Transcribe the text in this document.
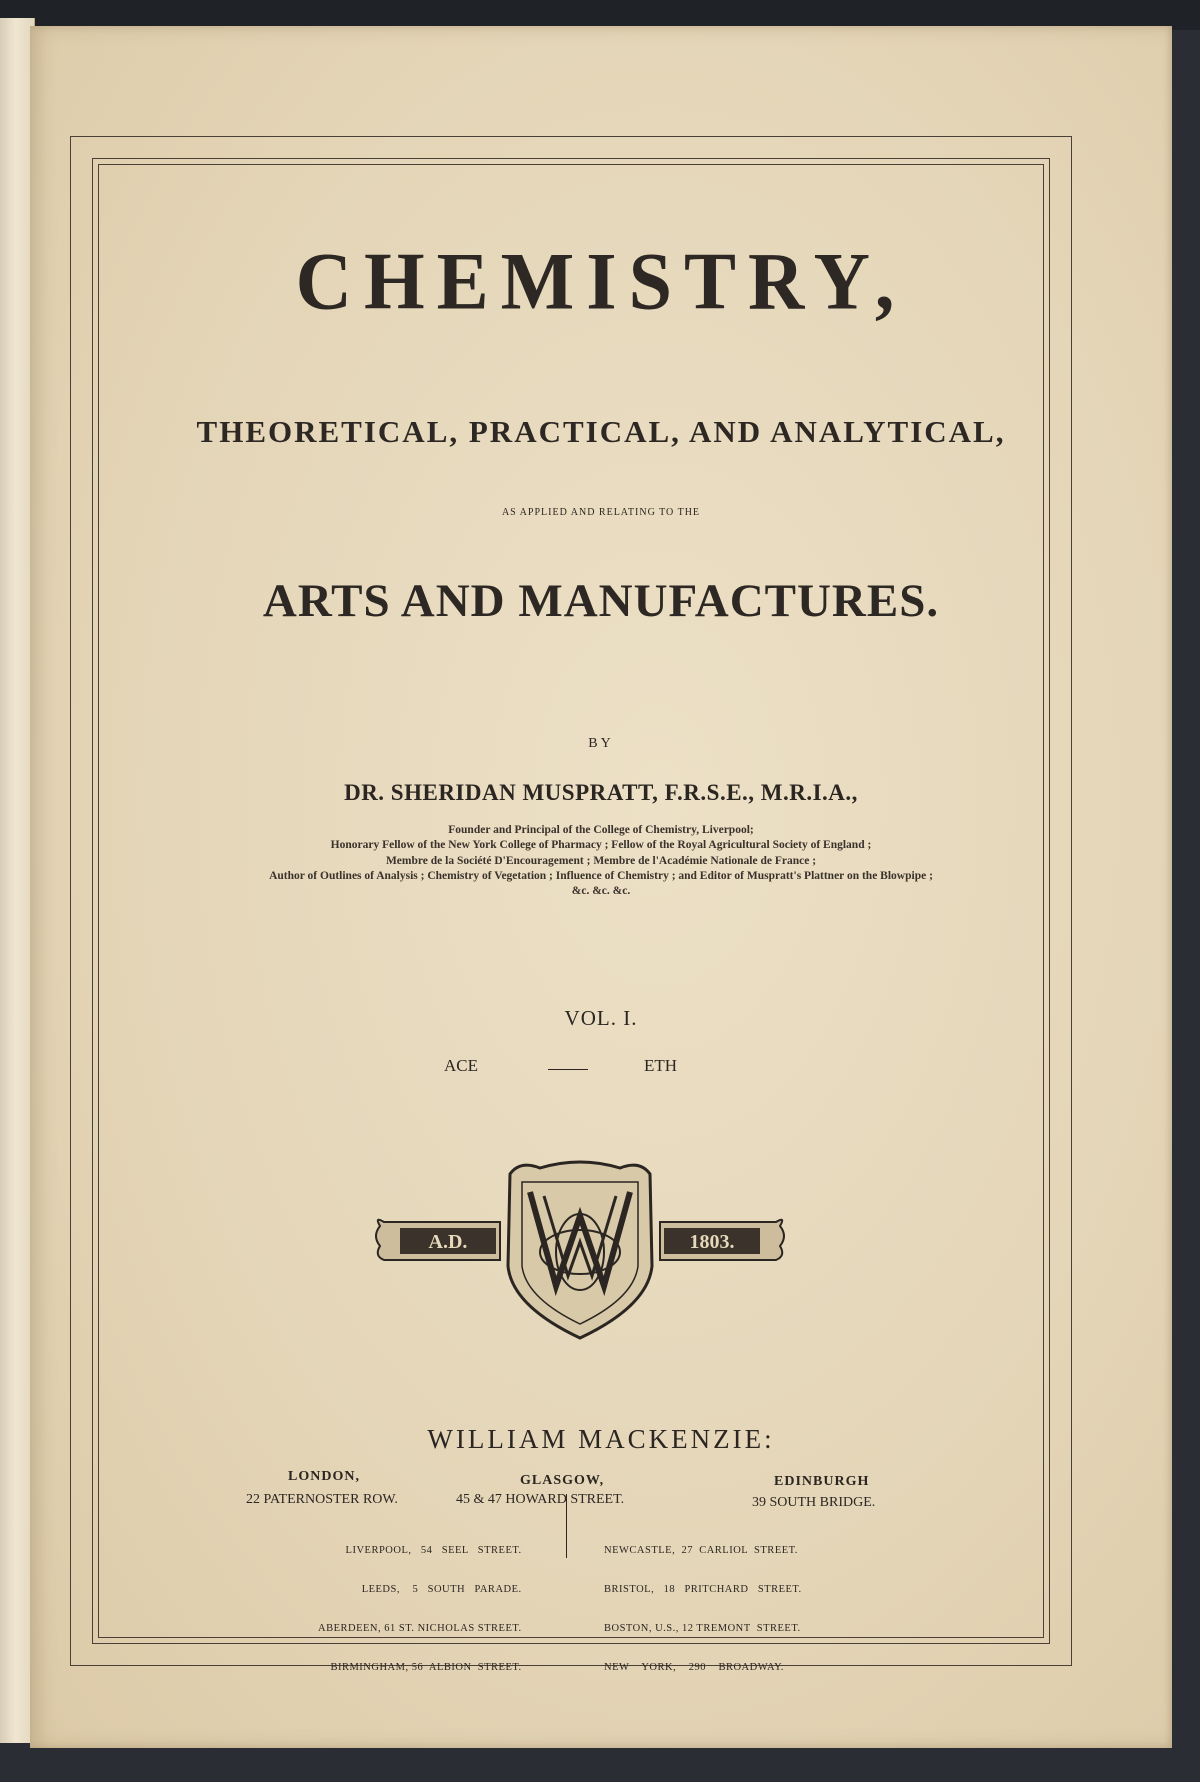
CHEMISTRY,
THEORETICAL, PRACTICAL, AND ANALYTICAL,
AS APPLIED AND RELATING TO THE
ARTS AND MANUFACTURES.
BY
DR. SHERIDAN MUSPRATT, F.R.S.E., M.R.I.A.,
Founder and Principal of the College of Chemistry, Liverpool;
Honorary Fellow of the New York College of Pharmacy ; Fellow of the Royal Agricultural Society of England ;
Membre de la Société D'Encouragement ; Membre de l'Académie Nationale de France ;
Author of Outlines of Analysis ; Chemistry of Vegetation ; Influence of Chemistry ; and Editor of Muspratt's Plattner on the Blowpipe ;
&c. &c. &c.
VOL. I.
ACE	ETH
A.D.	1803.
WILLIAM MACKENZIE:
LONDON,
22 PATERNOSTER ROW.
GLASGOW,
45 & 47 HOWARD STREET.
EDINBURGH
39 SOUTH BRIDGE.

LIVERPOOL,   54   SEEL   STREET.

LEEDS,    5   SOUTH   PARADE.

ABERDEEN, 61 ST. NICHOLAS STREET.

BIRMINGHAM, 56  ALBION  STREET.

NEWCASTLE,  27  CARLIOL  STREET.

BRISTOL,   18   PRITCHARD   STREET.

BOSTON, U.S., 12 TREMONT  STREET.

NEW    YORK,    290    BROADWAY.
